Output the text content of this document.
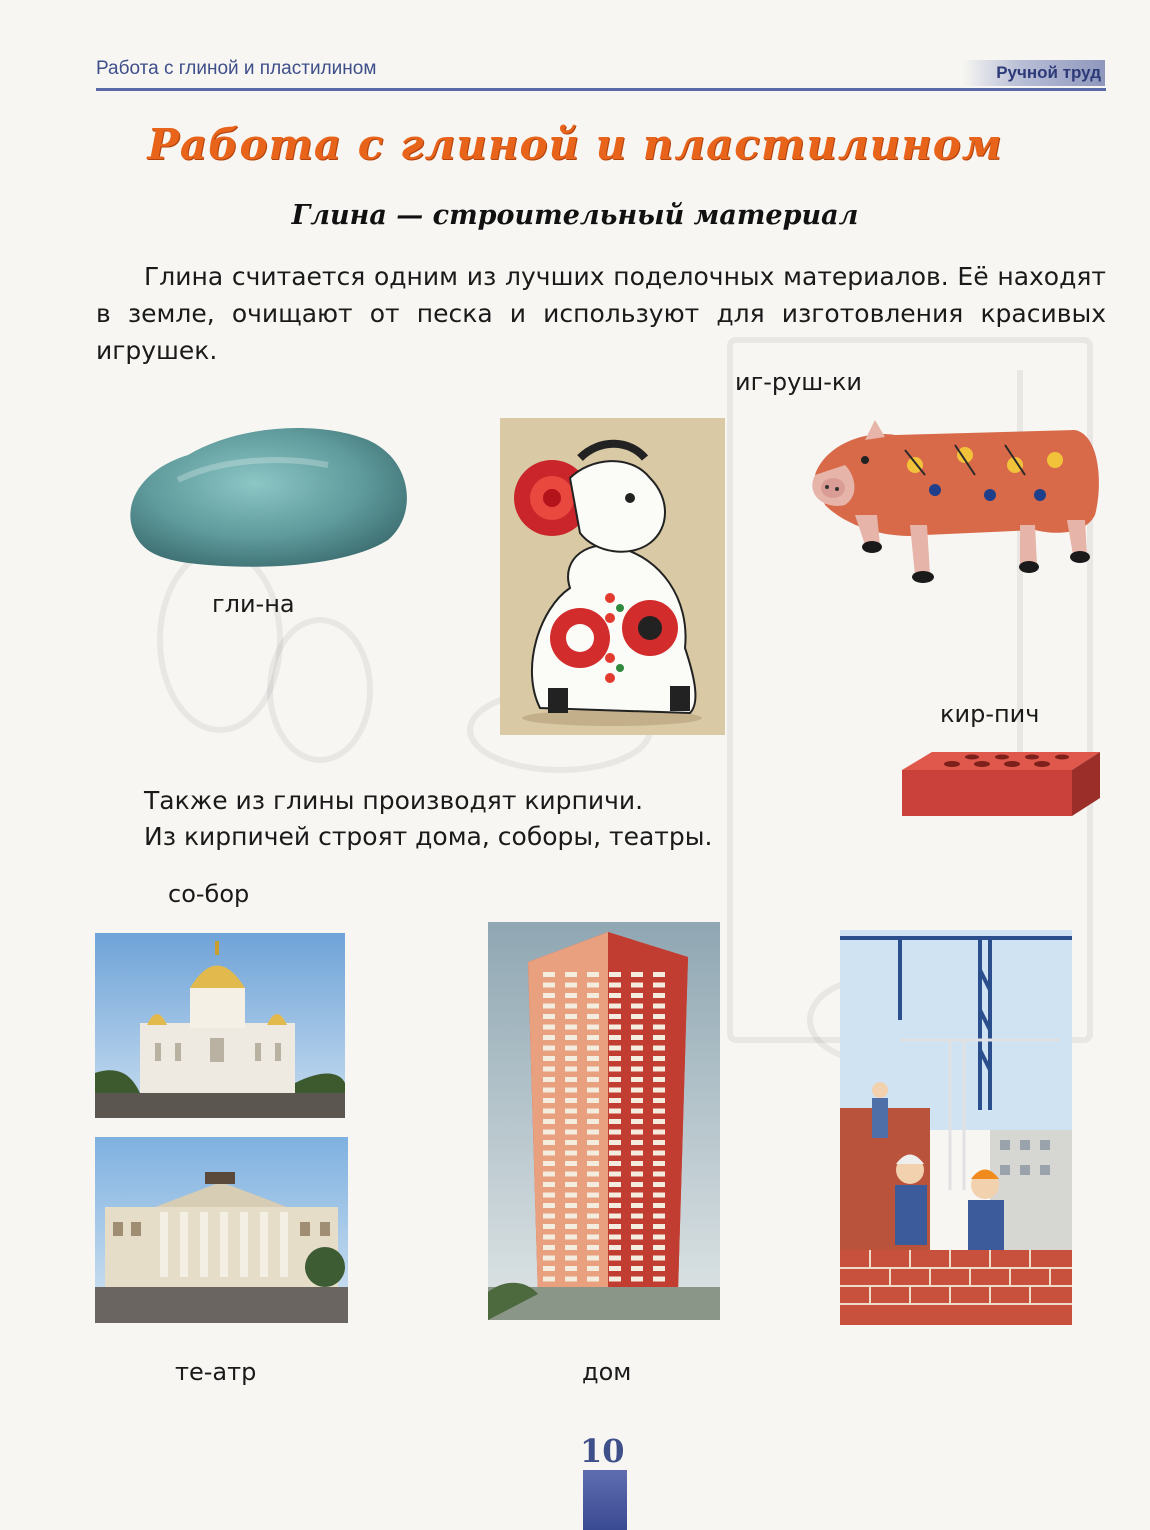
Работа с глиной и пластилином	Ручной труд
Работа с глиной и пластилином
Глина — строительный материал

Глина считается одним из лучших поделочных материалов. Её находят в земле, очищают от песка и используют для изготовления красивых игрушек.

иг-руш-ки
гли-на
кир-пич
Также из глины производят кирпичи.
Из кирпичей строят дома, соборы, театры.
со-бор
те-атр	дом
10
